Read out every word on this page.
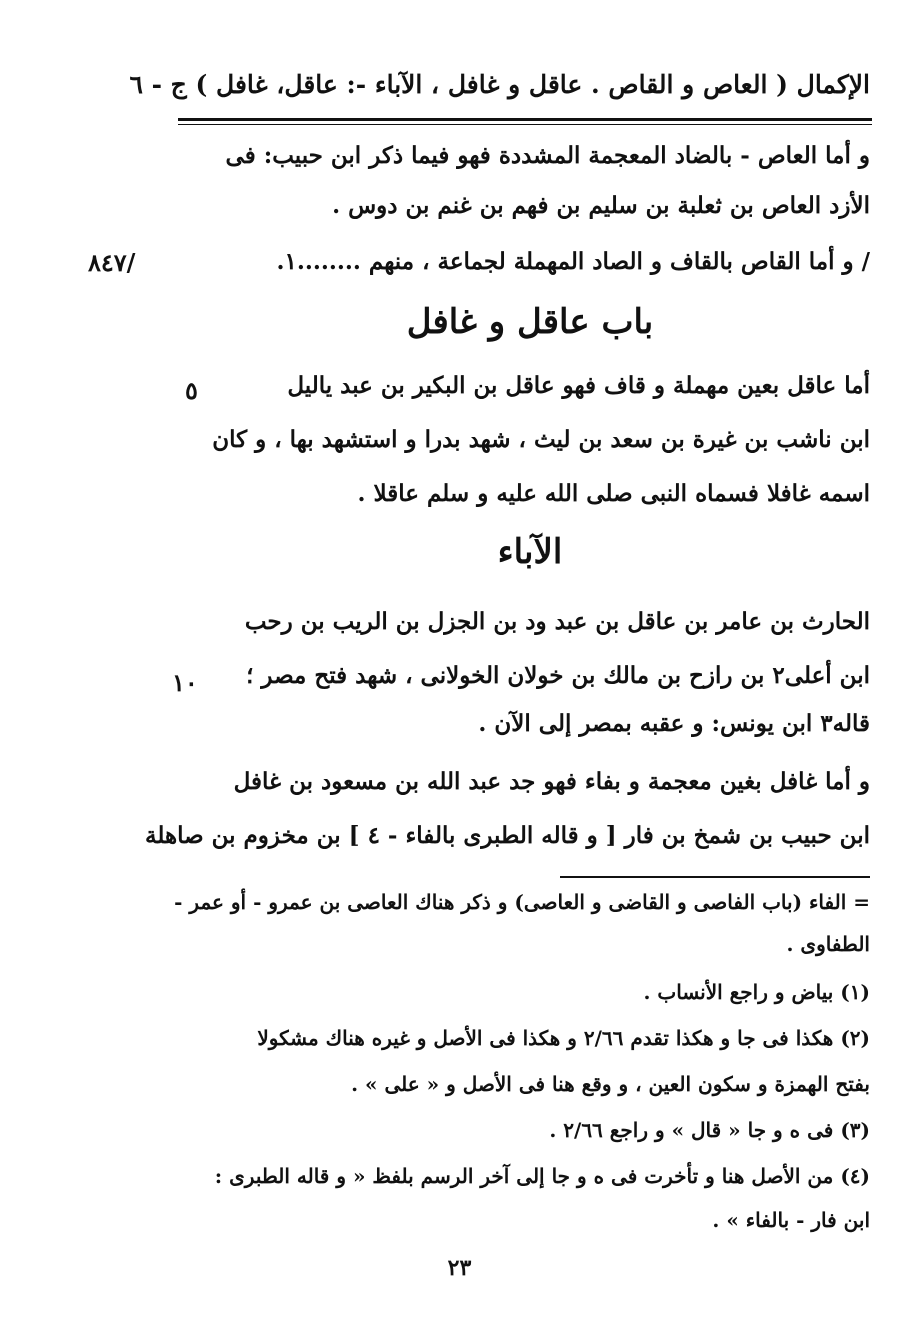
الإكمال ( العاص و القاص . عاقل و غافل ، الآباء -: عاقل، غافل ) ج - ٦
و أما العاص - بالضاد المعجمة المشددة فهو فيما ذكر ابن حبيب: فى
الأزد العاص بن ثعلبة بن سليم بن فهم بن غنم بن دوس .
/ و أما القاص بالقاف و الصاد المهملة لجماعة ، منهم ........١.
٨٤٧/
باب عاقل و غافل
أما عاقل بعين مهملة و قاف فهو عاقل بن البكير بن عبد ياليل
٥
ابن ناشب بن غيرة بن سعد بن ليث ، شهد بدرا و استشهد بها ، و كان
اسمه غافلا فسماه النبى صلى الله عليه و سلم عاقلا .
الآباء
الحارث بن عامر بن عاقل بن عبد ود بن الجزل بن الريب بن رحب
ابن أعلى٢ بن رازح بن مالك بن خولان الخولانى ، شهد فتح مصر ؛
١٠
قاله٣ ابن يونس: و عقبه بمصر إلى الآن .
و أما غافل بغين معجمة و بفاء فهو جد عبد الله بن مسعود بن غافل
ابن حبيب بن شمخ بن فار [ و قاله الطبرى بالفاء - ٤ ] بن مخزوم بن صاهلة
= الفاء (باب الفاصى و القاضى و العاصى) و ذكر هناك العاصى بن عمرو - أو عمر -
الطفاوى .
(١) بياض و راجع الأنساب .
(٢) هكذا فى جا و هكذا تقدم ٢/٦٦ و هكذا فى الأصل و غيره هناك مشكولا
بفتح الهمزة و سكون العين ، و وقع هنا فى الأصل و « على » .
(٣) فى ه و جا « قال » و راجع ٢/٦٦ .
(٤) من الأصل هنا و تأخرت فى ه و جا إلى آخر الرسم بلفظ « و قاله الطبرى :
ابن فار - بالفاء » .
٢٣
